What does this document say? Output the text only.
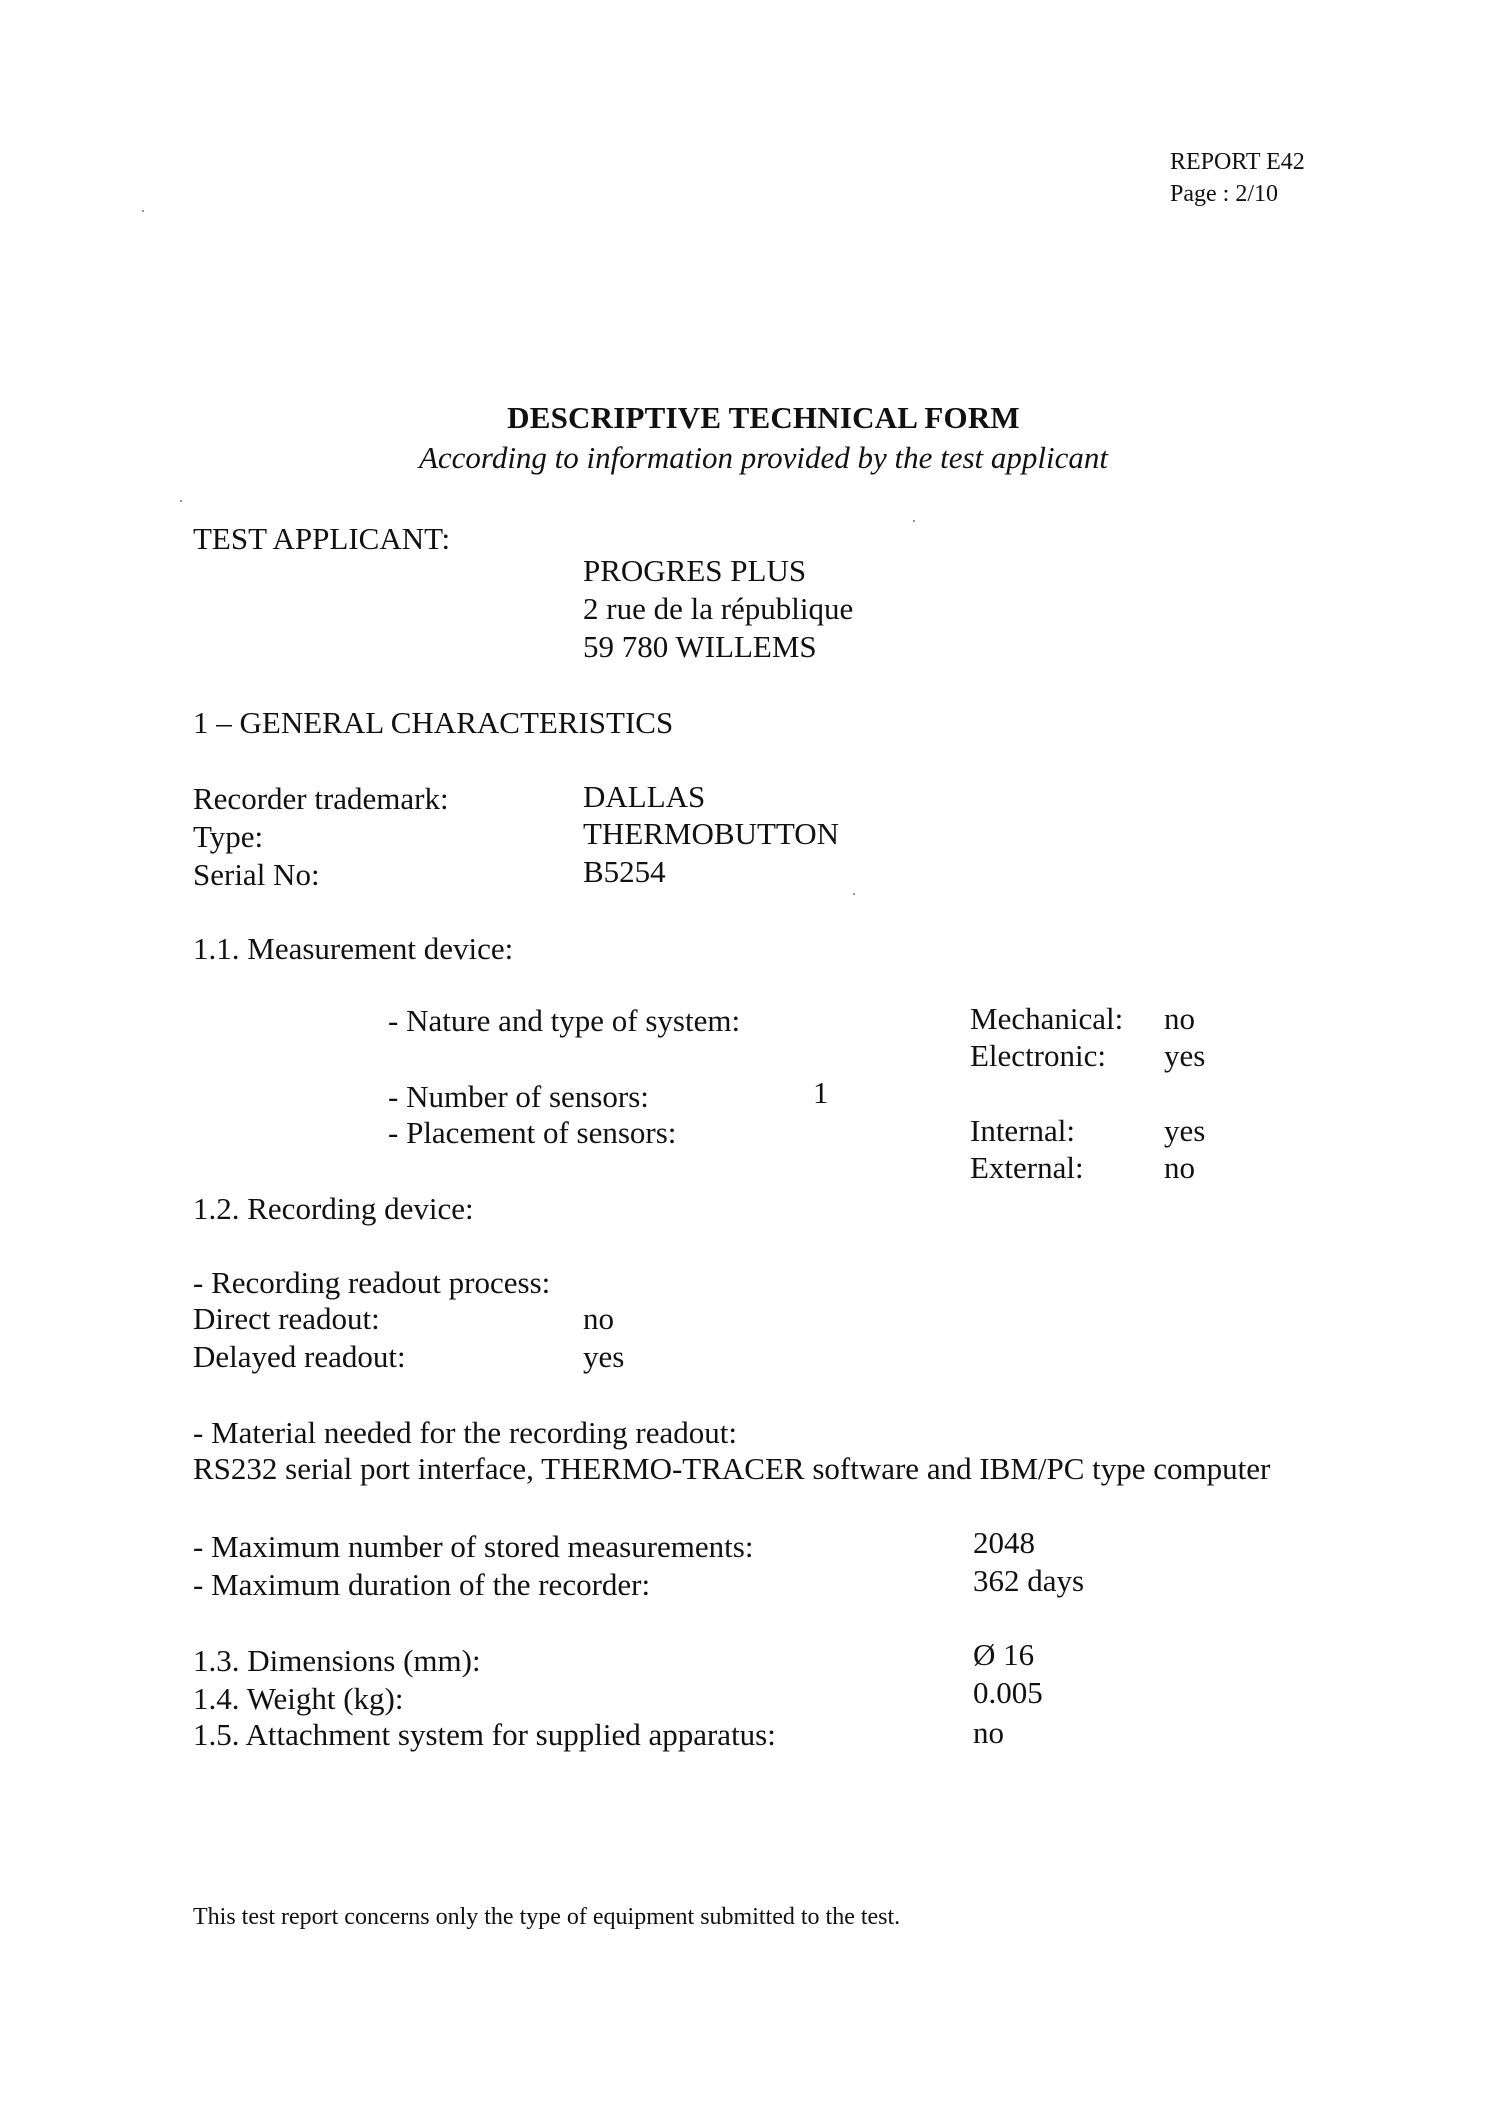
REPORT E42
Page : 2/10
DESCRIPTIVE TECHNICAL FORM
According to information provided by the test applicant
TEST APPLICANT:
PROGRES PLUS
2 rue de la république
59 780 WILLEMS
1 – GENERAL CHARACTERISTICS
Recorder trademark:	DALLAS
Type:	THERMOBUTTON
Serial No:	B5254
1.1. Measurement device:
- Nature and type of system:	Mechanical: no
Electronic: yes
- Number of sensors:	1
- Placement of sensors:	Internal:	yes
External:	no
1.2. Recording device:
- Recording readout process:
Direct readout:	no
Delayed readout:	yes
- Material needed for the recording readout:
RS232 serial port interface, THERMO-TRACER software and IBM/PC type computer
- Maximum number of stored measurements:	2048
- Maximum duration of the recorder:	362 days
1.3. Dimensions (mm):	Ø 16
1.4. Weight (kg):	0.005
1.5. Attachment system for supplied apparatus:	no
This test report concerns only the type of equipment submitted to the test.
